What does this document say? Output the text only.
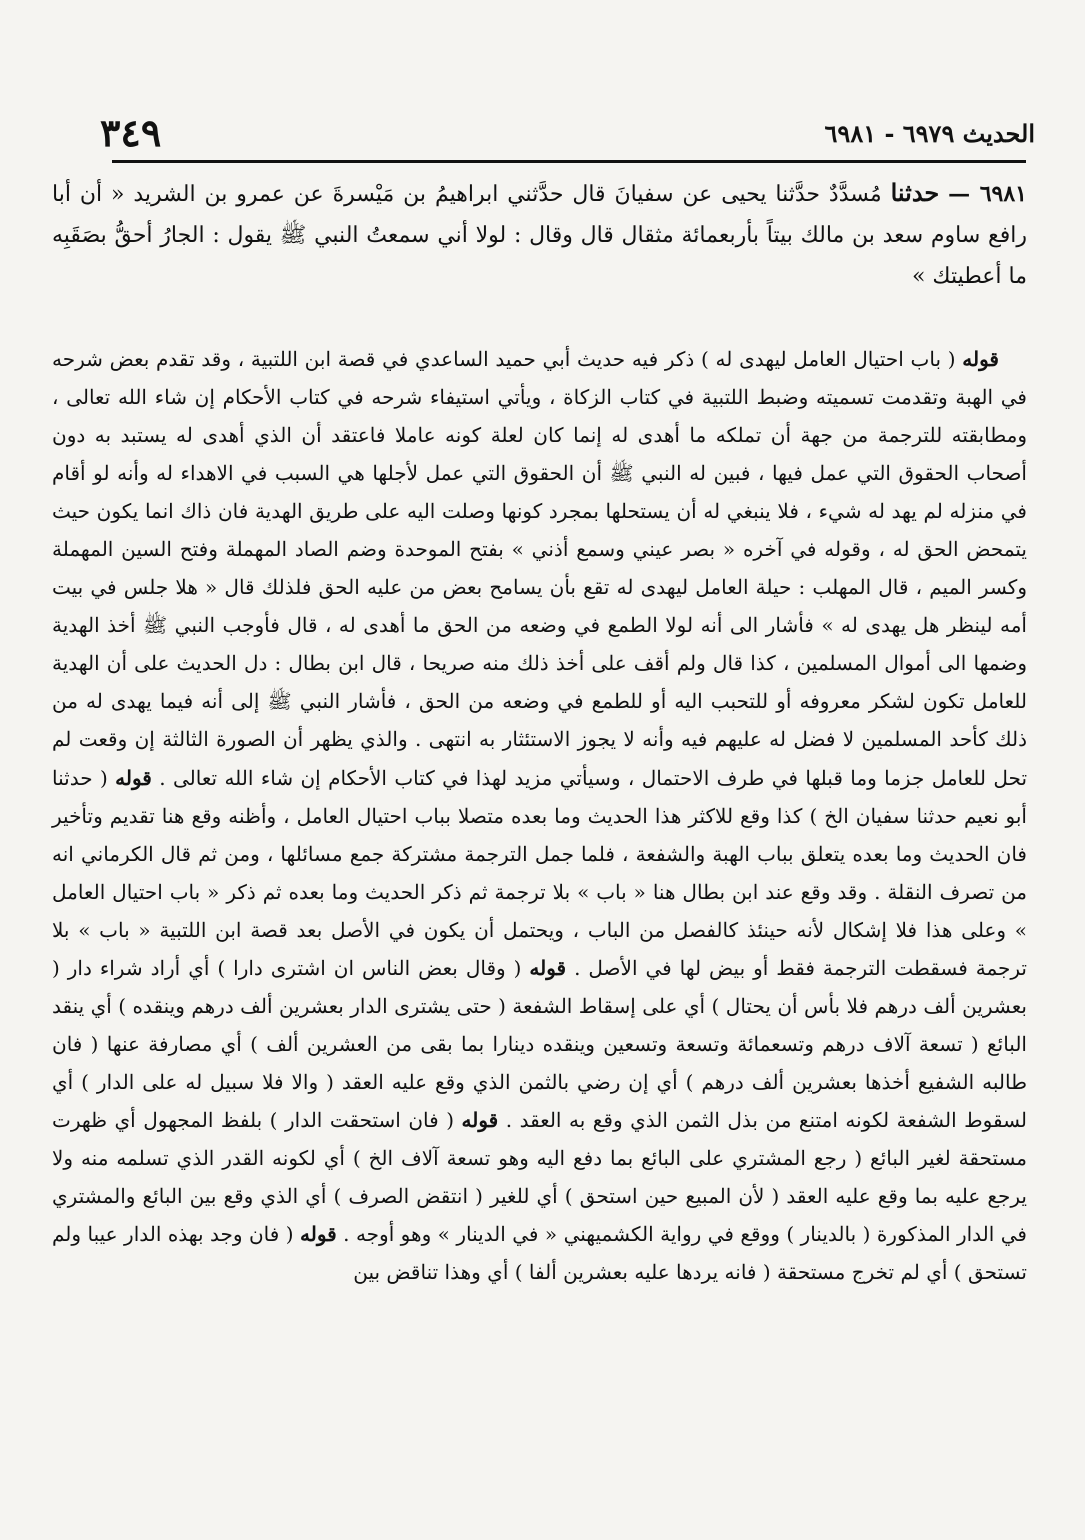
٣٤٩	الحديث ٦٩٧٩ - ٦٩٨١

٦٩٨١ — حدثنا مُسدَّدٌ حدَّثنا يحيى عن سفيانَ قال حدَّثني ابراهيمُ بن مَيْسرةَ عن عمرو بن الشريد « أن أبا رافع ساوم سعد بن مالك بيتاً بأربعمائة مثقال قال وقال : لولا أني سمعتُ النبي ﷺ يقول : الجارُ أحقُّ بصَقَبِه ما أعطيتك »

قوله ( باب احتيال العامل ليهدى له ) ذكر فيه حديث أبي حميد الساعدي في قصة ابن اللتبية ، وقد تقدم بعض شرحه في الهبة وتقدمت تسميته وضبط اللتبية في كتاب الزكاة ، ويأتي استيفاء شرحه في كتاب الأحكام إن شاء الله تعالى ، ومطابقته للترجمة من جهة أن تملكه ما أهدى له إنما كان لعلة كونه عاملا فاعتقد أن الذي أهدى له يستبد به دون أصحاب الحقوق التي عمل فيها ، فبين له النبي ﷺ أن الحقوق التي عمل لأجلها هي السبب في الاهداء له وأنه لو أقام في منزله لم يهد له شيء ، فلا ينبغي له أن يستحلها بمجرد كونها وصلت اليه على طريق الهدية فان ذاك انما يكون حيث يتمحض الحق له ، وقوله في آخره « بصر عيني وسمع أذني » بفتح الموحدة وضم الصاد المهملة وفتح السين المهملة وكسر الميم ، قال المهلب : حيلة العامل ليهدى له تقع بأن يسامح بعض من عليه الحق فلذلك قال « هلا جلس في بيت أمه لينظر هل يهدى له » فأشار الى أنه لولا الطمع في وضعه من الحق ما أهدى له ، قال فأوجب النبي ﷺ أخذ الهدية وضمها الى أموال المسلمين ، كذا قال ولم أقف على أخذ ذلك منه صريحا ، قال ابن بطال : دل الحديث على أن الهدية للعامل تكون لشكر معروفه أو للتحبب اليه أو للطمع في وضعه من الحق ، فأشار النبي ﷺ إلى أنه فيما يهدى له من ذلك كأحد المسلمين لا فضل له عليهم فيه وأنه لا يجوز الاستئثار به انتهى . والذي يظهر أن الصورة الثالثة إن وقعت لم تحل للعامل جزما وما قبلها في طرف الاحتمال ، وسيأتي مزيد لهذا في كتاب الأحكام إن شاء الله تعالى . قوله ( حدثنا أبو نعيم حدثنا سفيان الخ ) كذا وقع للاكثر هذا الحديث وما بعده متصلا بباب احتيال العامل ، وأظنه وقع هنا تقديم وتأخير فان الحديث وما بعده يتعلق بباب الهبة والشفعة ، فلما جمل الترجمة مشتركة جمع مسائلها ، ومن ثم قال الكرماني انه من تصرف النقلة . وقد وقع عند ابن بطال هنا « باب » بلا ترجمة ثم ذكر الحديث وما بعده ثم ذكر « باب احتيال العامل » وعلى هذا فلا إشكال لأنه حينئذ كالفصل من الباب ، ويحتمل أن يكون في الأصل بعد قصة ابن اللتبية « باب » بلا ترجمة فسقطت الترجمة فقط أو بيض لها في الأصل . قوله ( وقال بعض الناس ان اشترى دارا ) أي أراد شراء دار ( بعشرين ألف درهم فلا بأس أن يحتال ) أي على إسقاط الشفعة ( حتى يشترى الدار بعشرين ألف درهم وينقده ) أي ينقد البائع ( تسعة آلاف درهم وتسعمائة وتسعة وتسعين وينقده دينارا بما بقى من العشرين ألف ) أي مصارفة عنها ( فان طالبه الشفيع أخذها بعشرين ألف درهم ) أي إن رضي بالثمن الذي وقع عليه العقد ( والا فلا سبيل له على الدار ) أي لسقوط الشفعة لكونه امتنع من بذل الثمن الذي وقع به العقد . قوله ( فان استحقت الدار ) بلفظ المجهول أي ظهرت مستحقة لغير البائع ( رجع المشتري على البائع بما دفع اليه وهو تسعة آلاف الخ ) أي لكونه القدر الذي تسلمه منه ولا يرجع عليه بما وقع عليه العقد ( لأن المبيع حين استحق ) أي للغير ( انتقض الصرف ) أي الذي وقع بين البائع والمشتري في الدار المذكورة ( بالدينار ) ووقع في رواية الكشميهني « في الدينار » وهو أوجه . قوله ( فان وجد بهذه الدار عيبا ولم تستحق ) أي لم تخرج مستحقة ( فانه يردها عليه بعشرين ألفا ) أي وهذا تناقض بين
